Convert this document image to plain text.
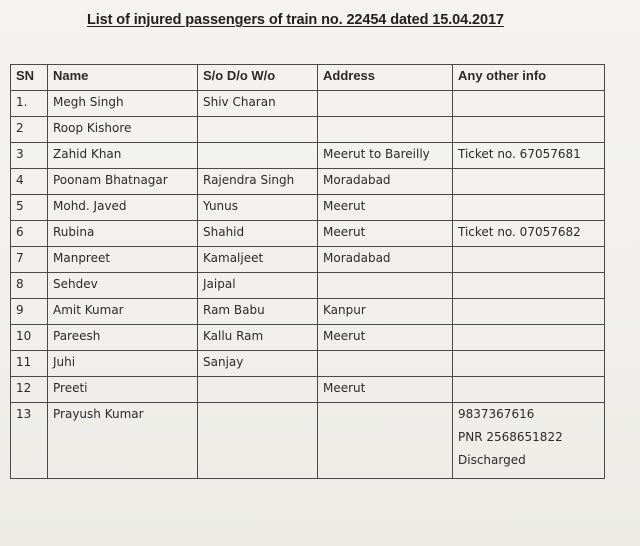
List of injured passengers of train no. 22454 dated 15.04.2017
SN	Name	S/o D/o W/o	Address	Any other info
1.	Megh Singh	Shiv Charan		
2	Roop Kishore			
3	Zahid Khan		Meerut to Bareilly	Ticket no. 67057681
4	Poonam Bhatnagar	Rajendra Singh	Moradabad	
5	Mohd. Javed	Yunus	Meerut	
6	Rubina	Shahid	Meerut	Ticket no. 07057682
7	Manpreet	Kamaljeet	Moradabad	
8	Sehdev	Jaipal		
9	Amit Kumar	Ram Babu	Kanpur	
10	Pareesh	Kallu Ram	Meerut	
11	Juhi	Sanjay		
12	Preeti		Meerut	
13	Prayush Kumar			9837367616
PNR 2568651822
Discharged
